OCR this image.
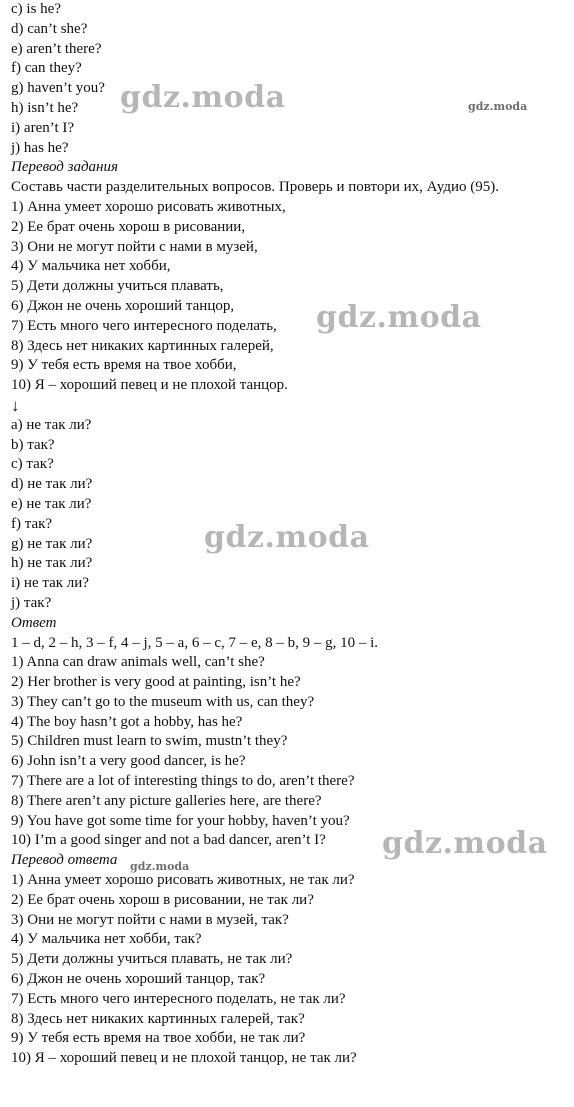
c) is he?
d) can’t she?
e) aren’t there?
f) can they?
g) haven’t you?
h) isn’t he?
i) aren’t I?
j) has he?
Перевод задания
Составь части разделительных вопросов. Проверь и повтори их, Аудио (95).
1) Анна умеет хорошо рисовать животных,
2) Ее брат очень хорош в рисовании,
3) Они не могут пойти с нами в музей,
4) У мальчика нет хобби,
5) Дети должны учиться плавать,
6) Джон не очень хороший танцор,
7) Есть много чего интересного поделать,
8) Здесь нет никаких картинных галерей,
9) У тебя есть время на твое хобби,
10) Я – хороший певец и не плохой танцор.
↓
a) не так ли?
b) так?
c) так?
d) не так ли?
e) не так ли?
f) так?
g) не так ли?
h) не так ли?
i) не так ли?
j) так?
Ответ
1 – d, 2 – h, 3 – f, 4 – j, 5 – a, 6 – c, 7 – e, 8 – b, 9 – g, 10 – i.
1) Anna can draw animals well, can’t she?
2) Her brother is very good at painting, isn’t he?
3) They can’t go to the museum with us, can they?
4) The boy hasn’t got a hobby, has he?
5) Children must learn to swim, mustn’t they?
6) John isn’t a very good dancer, is he?
7) There are a lot of interesting things to do, aren’t there?
8) There aren’t any picture galleries here, are there?
9) You have got some time for your hobby, haven’t you?
10) I’m a good singer and not a bad dancer, aren’t I?
Перевод ответа
1) Анна умеет хорошо рисовать животных, не так ли?
2) Ее брат очень хорош в рисовании, не так ли?
3) Они не могут пойти с нами в музей, так?
4) У мальчика нет хобби, так?
5) Дети должны учиться плавать, не так ли?
6) Джон не очень хороший танцор, так?
7) Есть много чего интересного поделать, не так ли?
8) Здесь нет никаких картинных галерей, так?
9) У тебя есть время на твое хобби, не так ли?
10) Я – хороший певец и не плохой танцор, не так ли?
gdz.moda	gdz.moda
gdz.moda
gdz.moda
gdz.moda
gdz.moda
